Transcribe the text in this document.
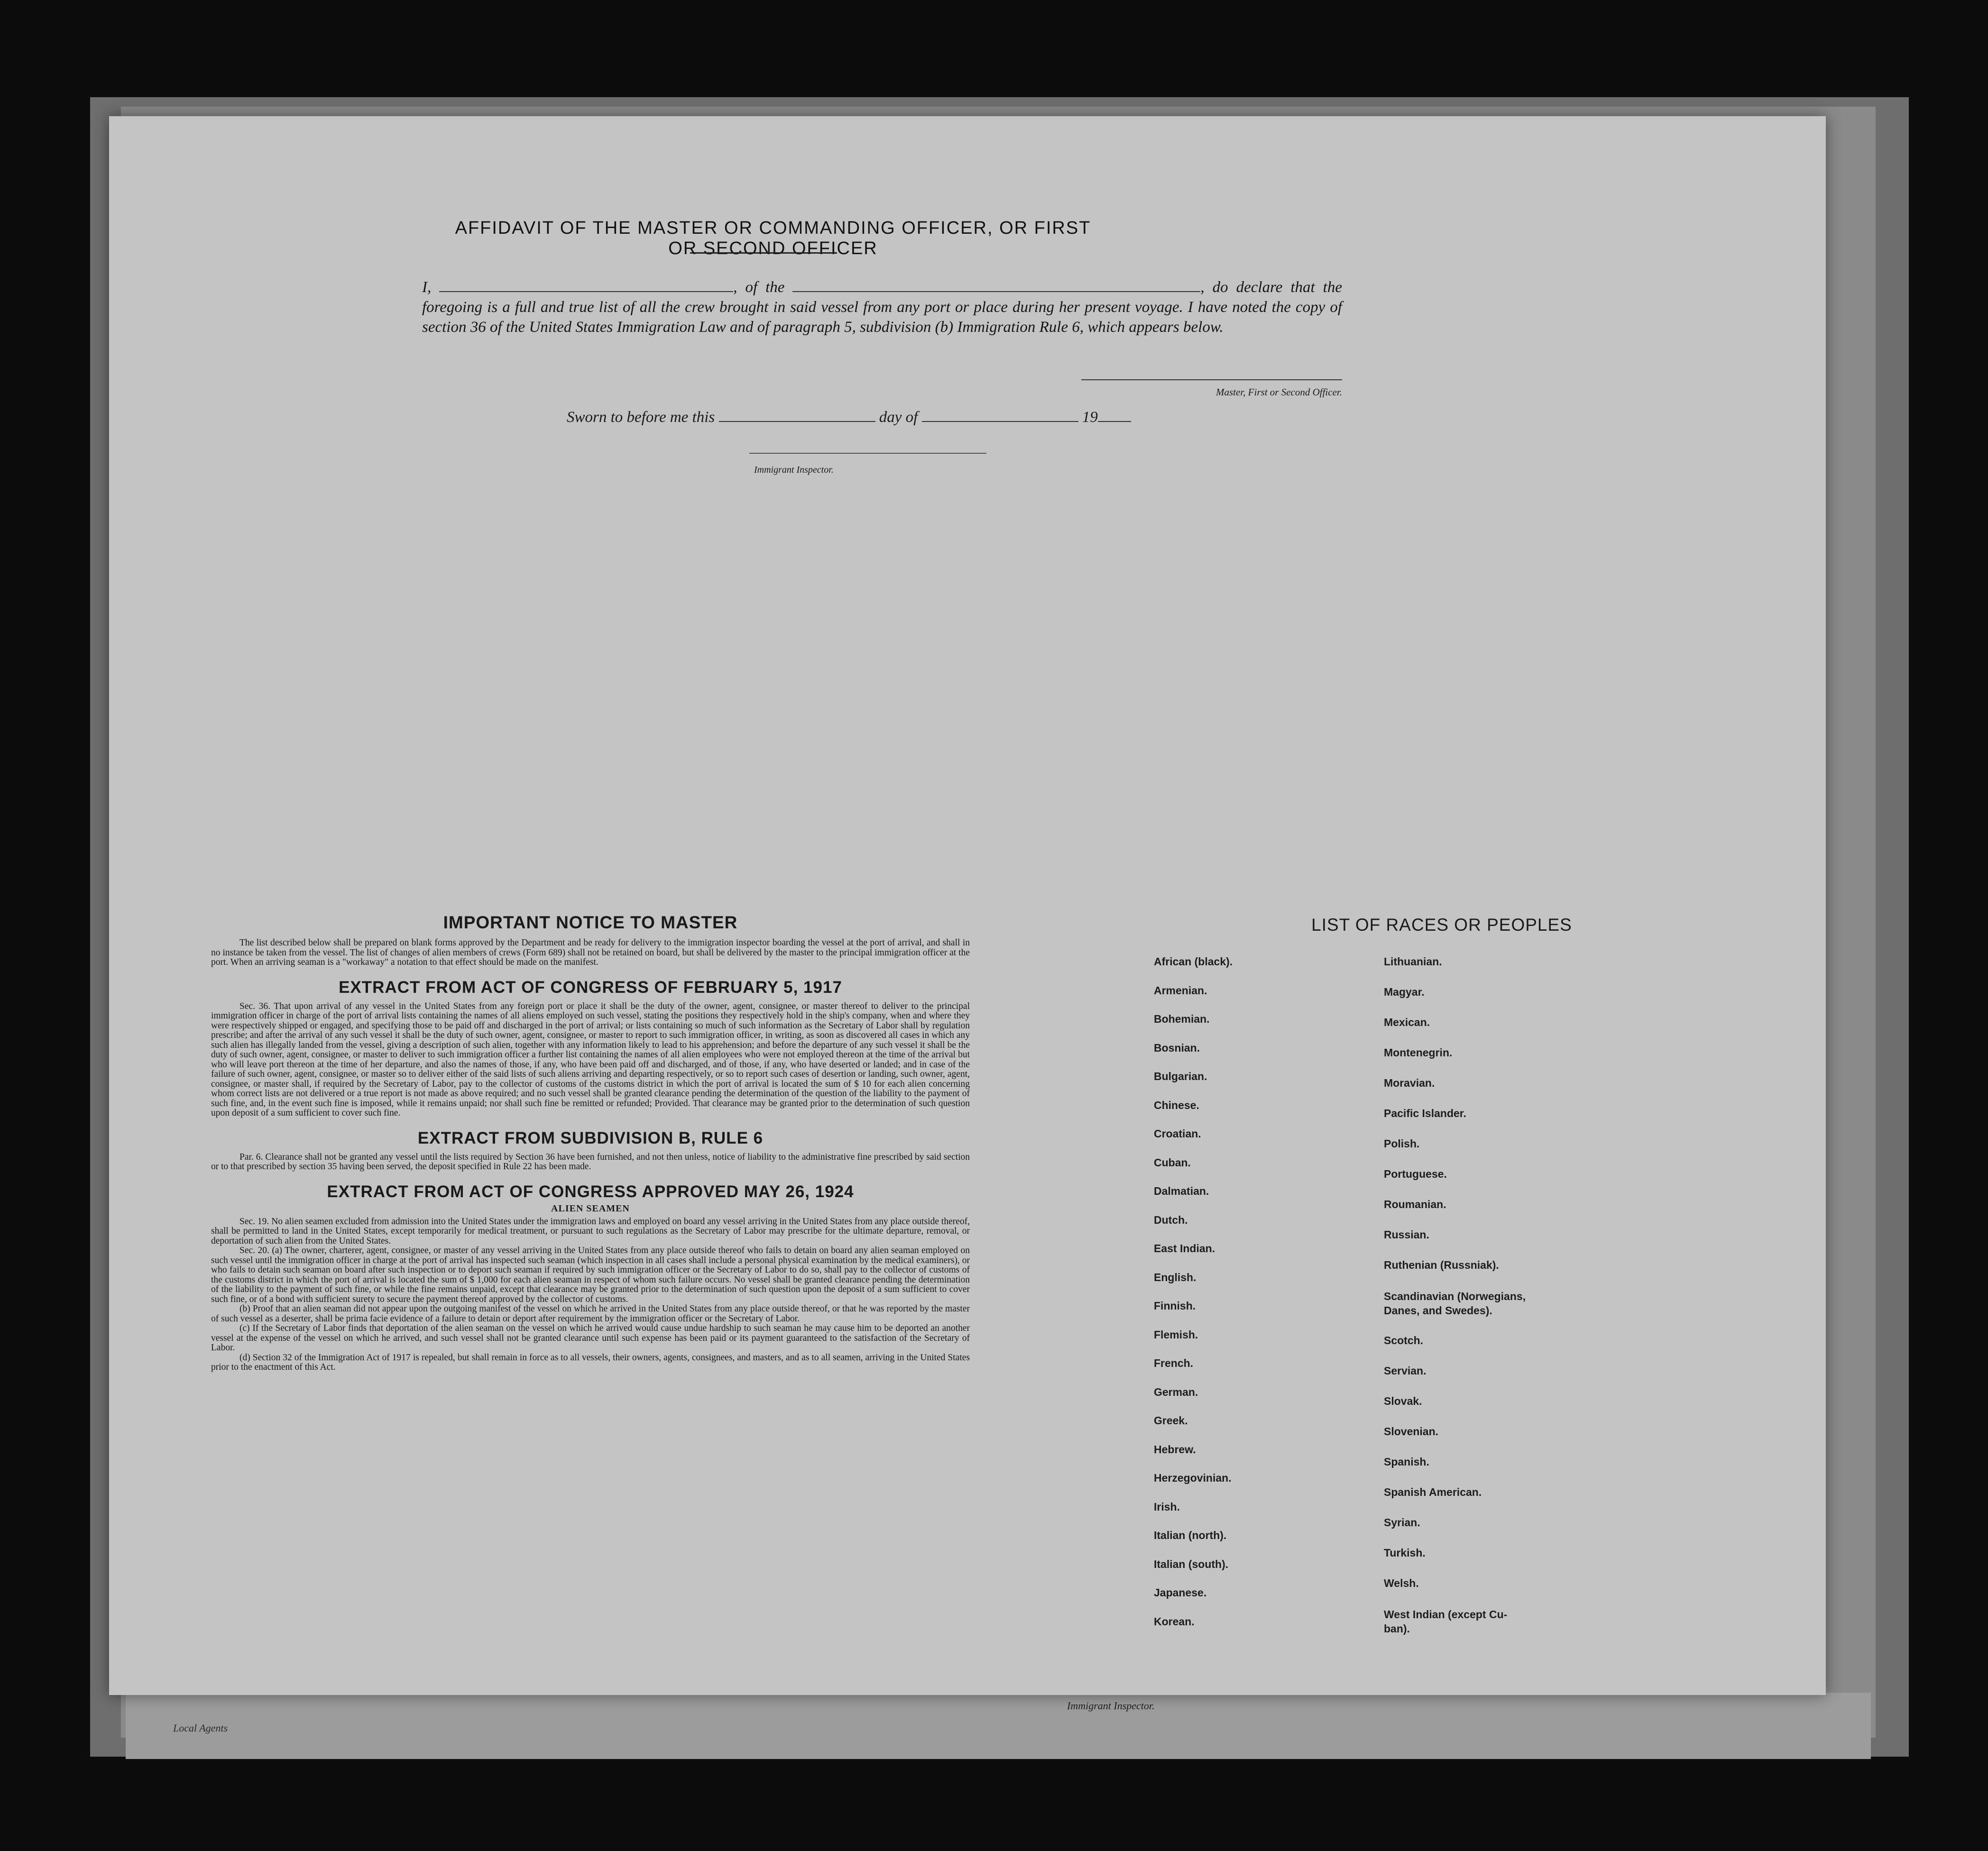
Local Agents
AFFIDAVIT OF THE MASTER OR COMMANDING OFFICER, OR FIRST OR SECOND OFFICER
I,	, of the	, do declare that the foregoing is a full and true list of all the crew brought in said vessel from any port or place during her present voyage. I have noted the copy of section 36 of the United States Immigration Law and of paragraph 5, subdivision (b) Immigration Rule 6, which appears below.
Master, First or Second Officer.
Sworn to before me this	day of	19
Immigrant Inspector.
IMPORTANT NOTICE TO MASTER

The list described below shall be prepared on blank forms approved by the Department and be ready for delivery to the immigration inspector boarding the vessel at the port of arrival, and shall in no instance be taken from the vessel. The list of changes of alien members of crews (Form 689) shall not be retained on board, but shall be delivered by the master to the principal immigration officer at the port. When an arriving seaman is a "workaway" a notation to that effect should be made on the manifest.

EXTRACT FROM ACT OF CONGRESS OF FEBRUARY 5, 1917

Sec. 36. That upon arrival of any vessel in the United States from any foreign port or place it shall be the duty of the owner, agent, consignee, or master thereof to deliver to the principal immigration officer in charge of the port of arrival lists containing the names of all aliens employed on such vessel, stating the positions they respectively hold in the ship's company, when and where they were respectively shipped or engaged, and specifying those to be paid off and discharged in the port of arrival; or lists containing so much of such information as the Secretary of Labor shall by regulation prescribe; and after the arrival of any such vessel it shall be the duty of such owner, agent, consignee, or master to report to such immigration officer, in writing, as soon as discovered all cases in which any such alien has illegally landed from the vessel, giving a description of such alien, together with any information likely to lead to his apprehension; and before the departure of any such vessel it shall be the duty of such owner, agent, consignee, or master to deliver to such immigration officer a further list containing the names of all alien employees who were not employed thereon at the time of the arrival but who will leave port thereon at the time of her departure, and also the names of those, if any, who have been paid off and discharged, and of those, if any, who have deserted or landed; and in case of the failure of such owner, agent, consignee, or master so to deliver either of the said lists of such aliens arriving and departing respectively, or so to report such cases of desertion or landing, such owner, agent, consignee, or master shall, if required by the Secretary of Labor, pay to the collector of customs of the customs district in which the port of arrival is located the sum of $ 10 for each alien concerning whom correct lists are not delivered or a true report is not made as above required; and no such vessel shall be granted clearance pending the determination of the question of the liability to the payment of such fine, and, in the event such fine is imposed, while it remains unpaid; nor shall such fine be remitted or refunded; Provided. That clearance may be granted prior to the determination of such question upon deposit of a sum sufficient to cover such fine.

EXTRACT FROM SUBDIVISION B, RULE 6

Par. 6. Clearance shall not be granted any vessel until the lists required by Section 36 have been furnished, and not then unless, notice of liability to the administrative fine prescribed by said section or to that prescribed by section 35 having been served, the deposit specified in Rule 22 has been made.

EXTRACT FROM ACT OF CONGRESS APPROVED MAY 26, 1924
ALIEN SEAMEN

Sec. 19. No alien seamen excluded from admission into the United States under the immigration laws and employed on board any vessel arriving in the United States from any place outside thereof, shall be permitted to land in the United States, except temporarily for medical treatment, or pursuant to such regulations as the Secretary of Labor may prescribe for the ultimate departure, removal, or deportation of such alien from the United States.

Sec. 20. (a) The owner, charterer, agent, consignee, or master of any vessel arriving in the United States from any place outside thereof who fails to detain on board any alien seaman employed on such vessel until the immigration officer in charge at the port of arrival has inspected such seaman (which inspection in all cases shall include a personal physical examination by the medical examiners), or who fails to detain such seaman on board after such inspection or to deport such seaman if required by such immigration officer or the Secretary of Labor to do so, shall pay to the collector of customs of the customs district in which the port of arrival is located the sum of $ 1,000 for each alien seaman in respect of whom such failure occurs. No vessel shall be granted clearance pending the determination of the liability to the payment of such fine, or while the fine remains unpaid, except that clearance may be granted prior to the determination of such question upon the deposit of a sum sufficient to cover such fine, or of a bond with sufficient surety to secure the payment thereof approved by the collector of customs.

(b) Proof that an alien seaman did not appear upon the outgoing manifest of the vessel on which he arrived in the United States from any place outside thereof, or that he was reported by the master of such vessel as a deserter, shall be prima facie evidence of a failure to detain or deport after requirement by the immigration officer or the Secretary of Labor.

(c) If the Secretary of Labor finds that deportation of the alien seaman on the vessel on which he arrived would cause undue hardship to such seaman he may cause him to be deported an another vessel at the expense of the vessel on which he arrived, and such vessel shall not be granted clearance until such expense has been paid or its payment guaranteed to the satisfaction of the Secretary of Labor.

(d) Section 32 of the Immigration Act of 1917 is repealed, but shall remain in force as to all vessels, their owners, agents, consignees, and masters, and as to all seamen, arriving in the United States prior to the enactment of this Act.

LIST OF RACES OR PEOPLES
African (black).
Armenian.
Bohemian.
Bosnian.
Bulgarian.
Chinese.
Croatian.
Cuban.
Dalmatian.
Dutch.
East Indian.
English.
Finnish.
Flemish.
French.
German.
Greek.
Hebrew.
Herzegovinian.
Irish.
Italian (north).
Italian (south).
Japanese.
Korean.
Lithuanian.
Magyar.
Mexican.
Montenegrin.
Moravian.
Pacific Islander.
Polish.
Portuguese.
Roumanian.
Russian.
Ruthenian (Russniak).
Scandinavian (Norwegians,
Danes, and Swedes).
Scotch.
Servian.
Slovak.
Slovenian.
Spanish.
Spanish American.
Syrian.
Turkish.
Welsh.
West Indian (except Cu-
ban).
Immigrant Inspector.
